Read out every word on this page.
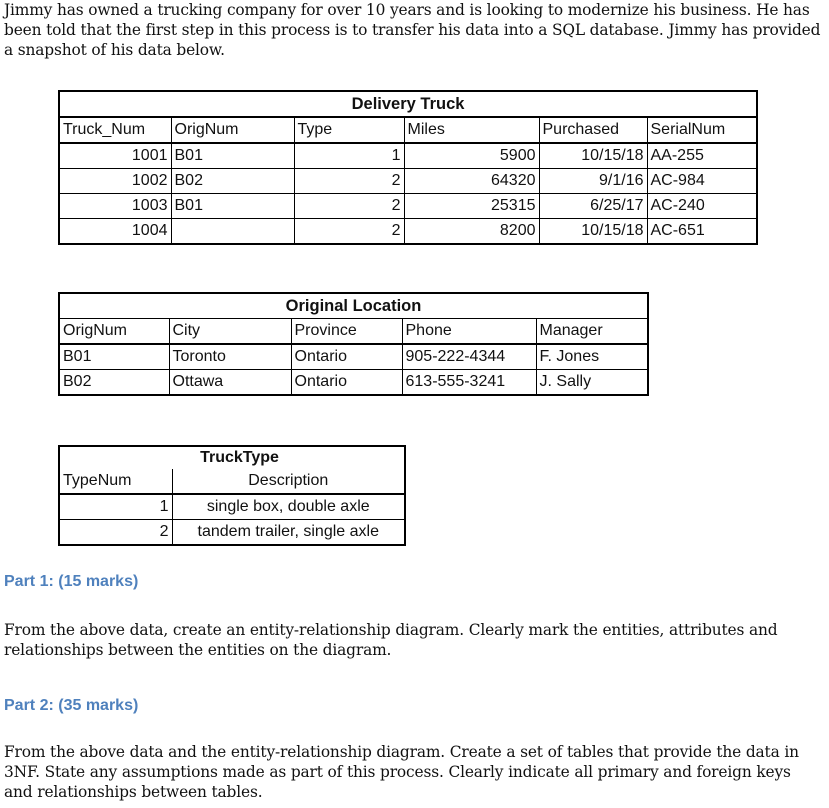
Jimmy has owned a trucking company for over 10 years and is looking to modernize his business. He has been told that the first step in this process is to transfer his data into a SQL database. Jimmy has provided a snapshot of his data below.
Delivery Truck					
Truck_Num	OrigNum	Type	Miles	Purchased	SerialNum
1001	B01	1	5900	10/15/18	AA-255
1002	B02	2	64320	9/1/16	AC-984
1003	B01	2	25315	6/25/17	AC-240
1004		2	8200	10/15/18	AC-651
Original Location				
OrigNum	City	Province	Phone	Manager
B01	Toronto	Ontario	905-222-4344	F. Jones
B02	Ottawa	Ontario	613-555-3241	J. Sally
TruckType	

TypeNum	Description
1	single box, double axle
2	tandem trailer, single axle
Part 1: (15 marks)
From the above data, create an entity-relationship diagram. Clearly mark the entities, attributes and relationships between the entities on the diagram.
Part 2: (35 marks)
From the above data and the entity-relationship diagram. Create a set of tables that provide the data in 3NF. State any assumptions made as part of this process. Clearly indicate all primary and foreign keys and relationships between tables.
